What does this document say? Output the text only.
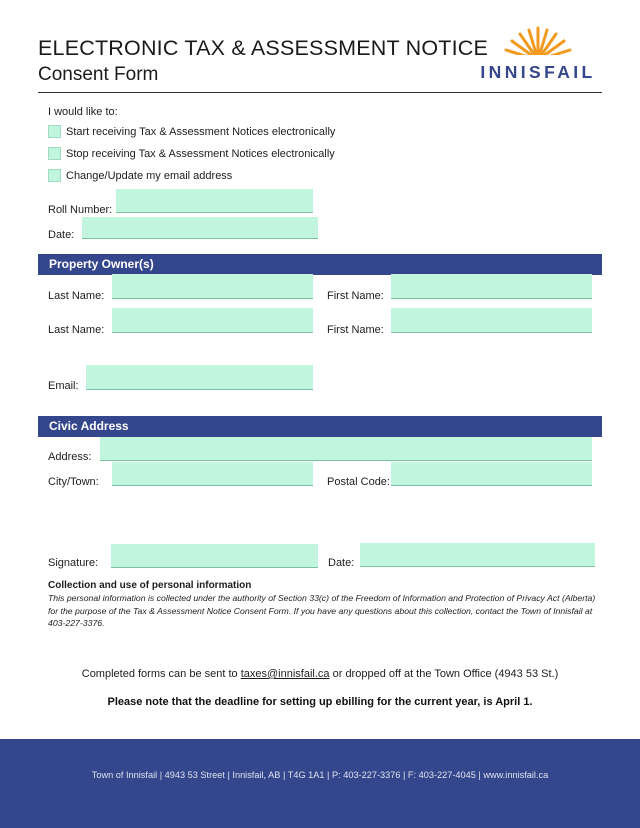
ELECTRONIC TAX & ASSESSMENT NOTICE
Consent Form	INNISFAIL
I would like to:
Start receiving Tax & Assessment Notices electronically
Stop receiving Tax & Assessment Notices electronically
Change/Update my email address
Roll Number:
Date:
Property Owner(s)
Last Name:	First Name:
Last Name:	First Name:
Email:
Civic Address
Address:
City/Town:	Postal Code:
Signature:	Date:
Collection and use of personal information
This personal information is collected under the authority of Section 33(c) of the Freedom of Information and Protection of Privacy Act (Alberta) for the purpose of the Tax & Assessment Notice Consent Form. If you have any questions about this collection, contact the Town of Innisfail at 403-227-3376.
Completed forms can be sent to taxes@innisfail.ca or dropped off at the Town Office (4943 53 St.)
Please note that the deadline for setting up ebilling for the current year, is April 1.
Town of Innisfail | 4943 53 Street | Innisfail, AB | T4G 1A1 | P: 403-227-3376 | F: 403-227-4045 | www.innisfail.ca
